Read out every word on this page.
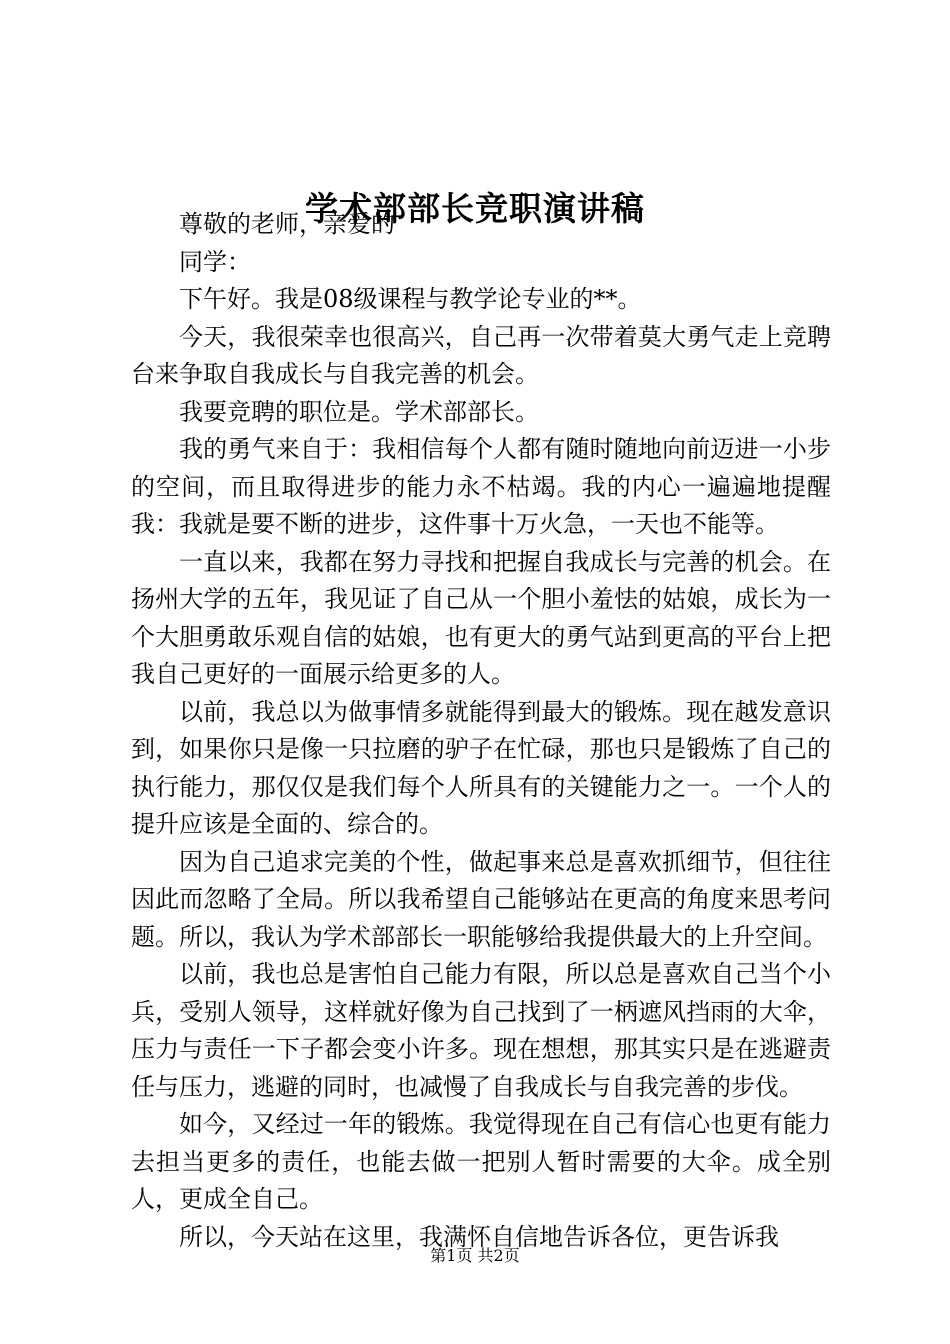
学术部部长竞职演讲稿

尊敬的老师，亲爱的

同学：

下午好。我是08级课程与教学论专业的**。

今天，我很荣幸也很高兴，自己再一次带着莫大勇气走上竞聘台来争取自我成长与自我完善的机会。

我要竞聘的职位是。学术部部长。

我的勇气来自于：我相信每个人都有随时随地向前迈进一小步的空间，而且取得进步的能力永不枯竭。我的内心一遍遍地提醒我：我就是要不断的进步，这件事十万火急，一天也不能等。

一直以来，我都在努力寻找和把握自我成长与完善的机会。在扬州大学的五年，我见证了自己从一个胆小羞怯的姑娘，成长为一个大胆勇敢乐观自信的姑娘，也有更大的勇气站到更高的平台上把我自己更好的一面展示给更多的人。

以前，我总以为做事情多就能得到最大的锻炼。现在越发意识到，如果你只是像一只拉磨的驴子在忙碌，那也只是锻炼了自己的执行能力，那仅仅是我们每个人所具有的关键能力之一。一个人的提升应该是全面的、综合的。

因为自己追求完美的个性，做起事来总是喜欢抓细节，但往往因此而忽略了全局。所以我希望自己能够站在更高的角度来思考问题。所以，我认为学术部部长一职能够给我提供最大的上升空间。

以前，我也总是害怕自己能力有限，所以总是喜欢自己当个小兵，受别人领导，这样就好像为自己找到了一柄遮风挡雨的大伞，压力与责任一下子都会变小许多。现在想想，那其实只是在逃避责任与压力，逃避的同时，也减慢了自我成长与自我完善的步伐。

如今，又经过一年的锻炼。我觉得现在自己有信心也更有能力去担当更多的责任，也能去做一把别人暂时需要的大伞。成全别人，更成全自己。

所以，今天站在这里，我满怀自信地告诉各位，更告诉我

第1页 共2页
